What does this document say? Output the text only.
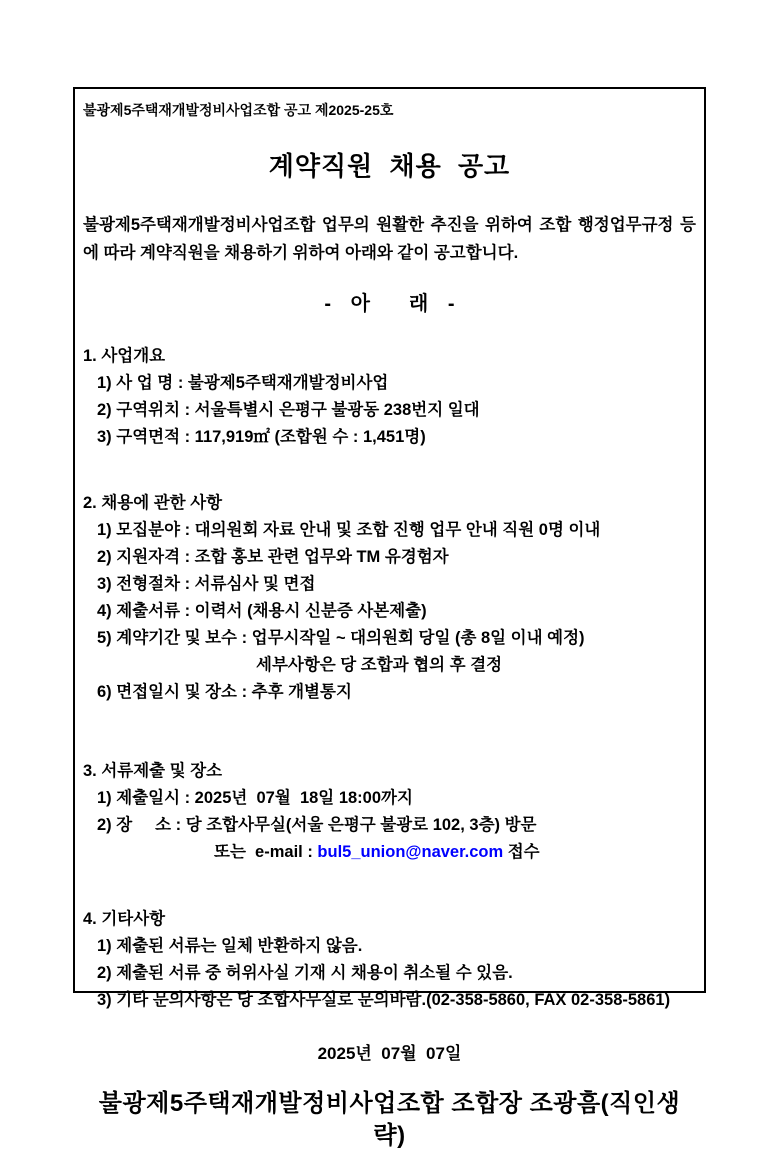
불광제5주택재개발정비사업조합 공고 제2025-25호
계약직원 채용 공고
불광제5주택재개발정비사업조합 업무의 원활한 추진을 위하여 조합 행정업무규정 등
에 따라 계약직원을 채용하기 위하여 아래와 같이 공고합니다.
- 아  래 -
1. 사업개요
1) 사 업 명 : 불광제5주택재개발정비사업
2) 구역위치 : 서울특별시 은평구 불광동 238번지 일대
3) 구역면적 : 117,919㎡ (조합원 수 : 1,451명)
2. 채용에 관한 사항
1) 모집분야 : 대의원회 자료 안내 및 조합 진행 업무 안내 직원 0명 이내
2) 지원자격 : 조합 홍보 관련 업무와 TM 유경험자
3) 전형절차 : 서류심사 및 면접
4) 제출서류 : 이력서 (채용시 신분증 사본제출)
5) 계약기간 및 보수 : 업무시작일 ~ 대의원회 당일 (총 8일 이내 예정)
세부사항은 당 조합과 협의 후 결정
6) 면접일시 및 장소 : 추후 개별통지
3. 서류제출 및 장소
1) 제출일시 : 2025년  07월  18일 18:00까지
2) 장     소 : 당 조합사무실(서울 은평구 불광로 102, 3층) 방문
또는  e-mail : bul5_union@naver.com 접수
4. 기타사항
1) 제출된 서류는 일체 반환하지 않음.
2) 제출된 서류 중 허위사실 기재 시 채용이 취소될 수 있음.
3) 기타 문의사항은 당 조합사무실로 문의바람.(02-358-5860, FAX 02-358-5861)
2025년  07월  07일
불광제5주택재개발정비사업조합 조합장 조광흠(직인생략)
